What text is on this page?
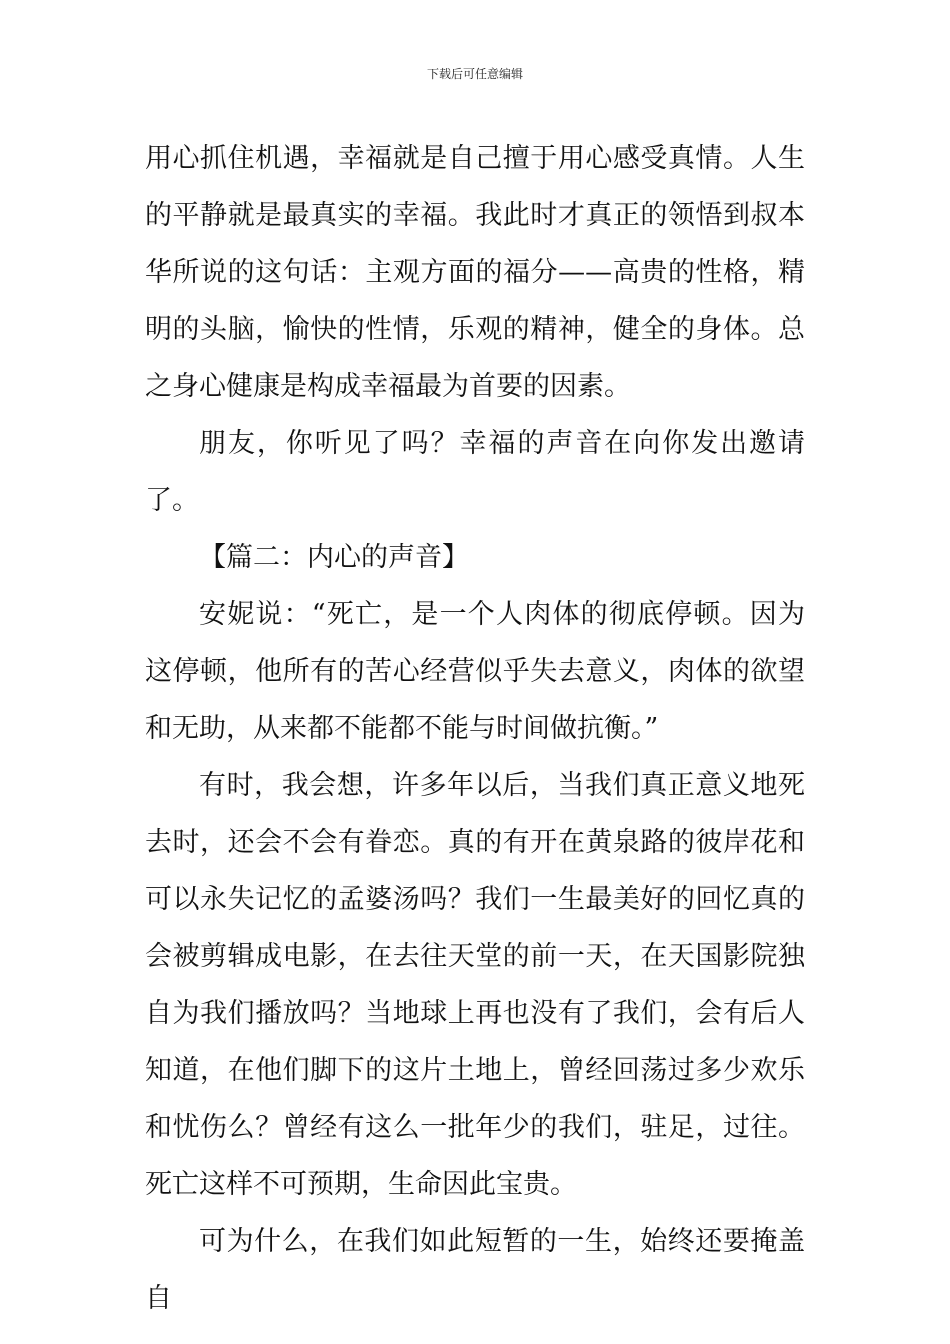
下载后可任意编辑

用心抓住机遇，幸福就是自己擅于用心感受真情。人生的平静就是最真实的幸福。我此时才真正的领悟到叔本华所说的这句话：主观方面的福分——高贵的性格，精明的头脑，愉快的性情，乐观的精神，健全的身体。总之身心健康是构成幸福最为首要的因素。

朋友，你听见了吗？幸福的声音在向你发出邀请了。

【篇二：内心的声音】

安妮说：“死亡，是一个人肉体的彻底停顿。因为这停顿，他所有的苦心经营似乎失去意义，肉体的欲望和无助，从来都不能都不能与时间做抗衡。”

有时，我会想，许多年以后，当我们真正意义地死去时，还会不会有眷恋。真的有开在黄泉路的彼岸花和可以永失记忆的孟婆汤吗？我们一生最美好的回忆真的会被剪辑成电影，在去往天堂的前一天，在天国影院独自为我们播放吗？当地球上再也没有了我们，会有后人知道，在他们脚下的这片土地上，曾经回荡过多少欢乐和忧伤么？曾经有这么一批年少的我们，驻足，过往。死亡这样不可预期，生命因此宝贵。

可为什么，在我们如此短暂的一生，始终还要掩盖自
